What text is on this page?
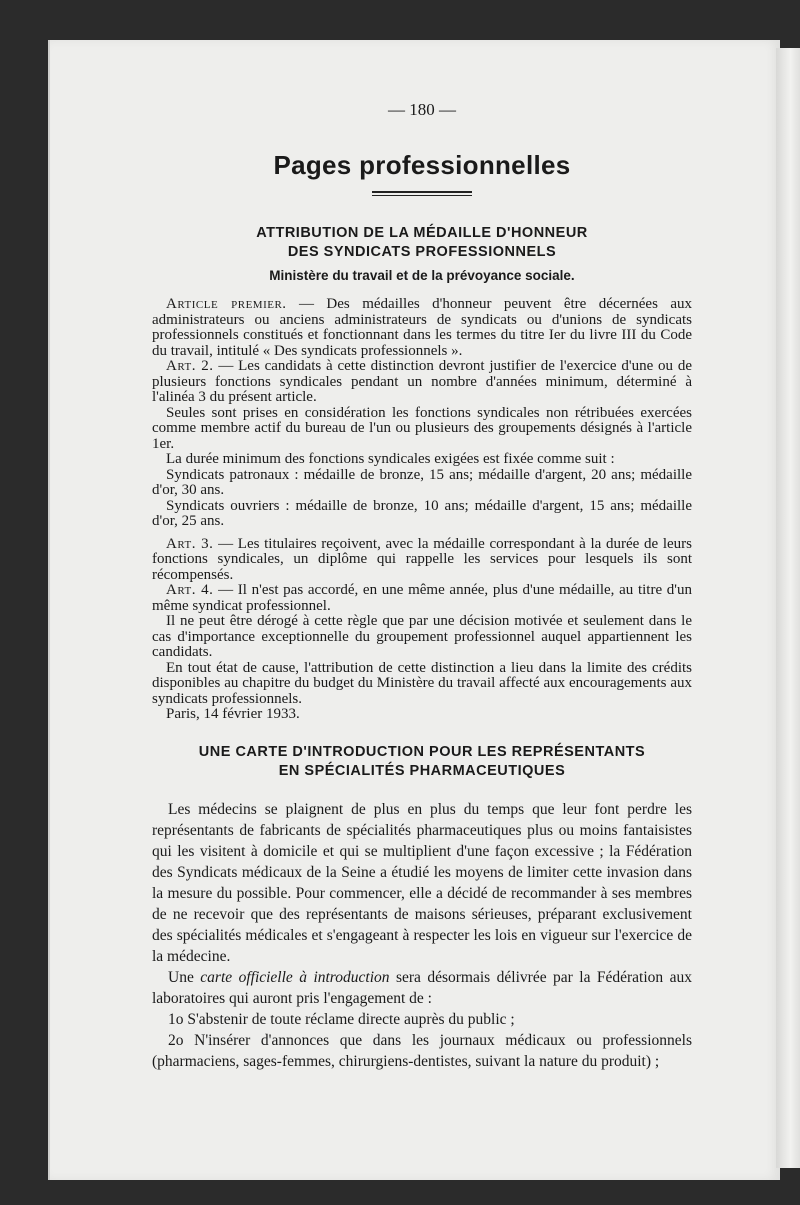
— 180 —
Pages professionnelles
ATTRIBUTION DE LA MÉDAILLE D'HONNEUR
DES SYNDICATS PROFESSIONNELS
Ministère du travail et de la prévoyance sociale.

Article premier. — Des médailles d'honneur peuvent être décernées aux administrateurs ou anciens administrateurs de syndicats ou d'unions de syndicats professionnels constitués et fonctionnant dans les termes du titre Ier du livre III du Code du travail, intitulé « Des syndicats professionnels ».

Art. 2. — Les candidats à cette distinction devront justifier de l'exercice d'une ou de plusieurs fonctions syndicales pendant un nombre d'années minimum, déterminé à l'alinéa 3 du présent article.

Seules sont prises en considération les fonctions syndicales non rétribuées exercées comme membre actif du bureau de l'un ou plusieurs des groupements désignés à l'article 1er.

La durée minimum des fonctions syndicales exigées est fixée comme suit :

Syndicats patronaux : médaille de bronze, 15 ans; médaille d'argent, 20 ans; médaille d'or, 30 ans.

Syndicats ouvriers : médaille de bronze, 10 ans; médaille d'argent, 15 ans; médaille d'or, 25 ans.

Art. 3. — Les titulaires reçoivent, avec la médaille correspondant à la durée de leurs fonctions syndicales, un diplôme qui rappelle les services pour lesquels ils sont récompensés.

Art. 4. — Il n'est pas accordé, en une même année, plus d'une médaille, au titre d'un même syndicat professionnel.

Il ne peut être dérogé à cette règle que par une décision motivée et seulement dans le cas d'importance exceptionnelle du groupement professionnel auquel appartiennent les candidats.

En tout état de cause, l'attribution de cette distinction a lieu dans la limite des crédits disponibles au chapitre du budget du Ministère du travail affecté aux encouragements aux syndicats professionnels.

Paris, 14 février 1933.

UNE CARTE D'INTRODUCTION POUR LES REPRÉSENTANTS
EN SPÉCIALITÉS PHARMACEUTIQUES

Les médecins se plaignent de plus en plus du temps que leur font perdre les représentants de fabricants de spécialités pharmaceutiques plus ou moins fantaisistes qui les visitent à domicile et qui se multiplient d'une façon excessive ; la Fédération des Syndicats médicaux de la Seine a étudié les moyens de limiter cette invasion dans la mesure du possible. Pour commencer, elle a décidé de recommander à ses membres de ne recevoir que des représentants de maisons sérieuses, préparant exclusivement des spécialités médicales et s'engageant à respecter les lois en vigueur sur l'exercice de la médecine.

Une carte officielle à introduction sera désormais délivrée par la Fédération aux laboratoires qui auront pris l'engagement de :

1o S'abstenir de toute réclame directe auprès du public ;

2o N'insérer d'annonces que dans les journaux médicaux ou professionnels (pharmaciens, sages-femmes, chirurgiens-dentistes, suivant la nature du produit) ;
